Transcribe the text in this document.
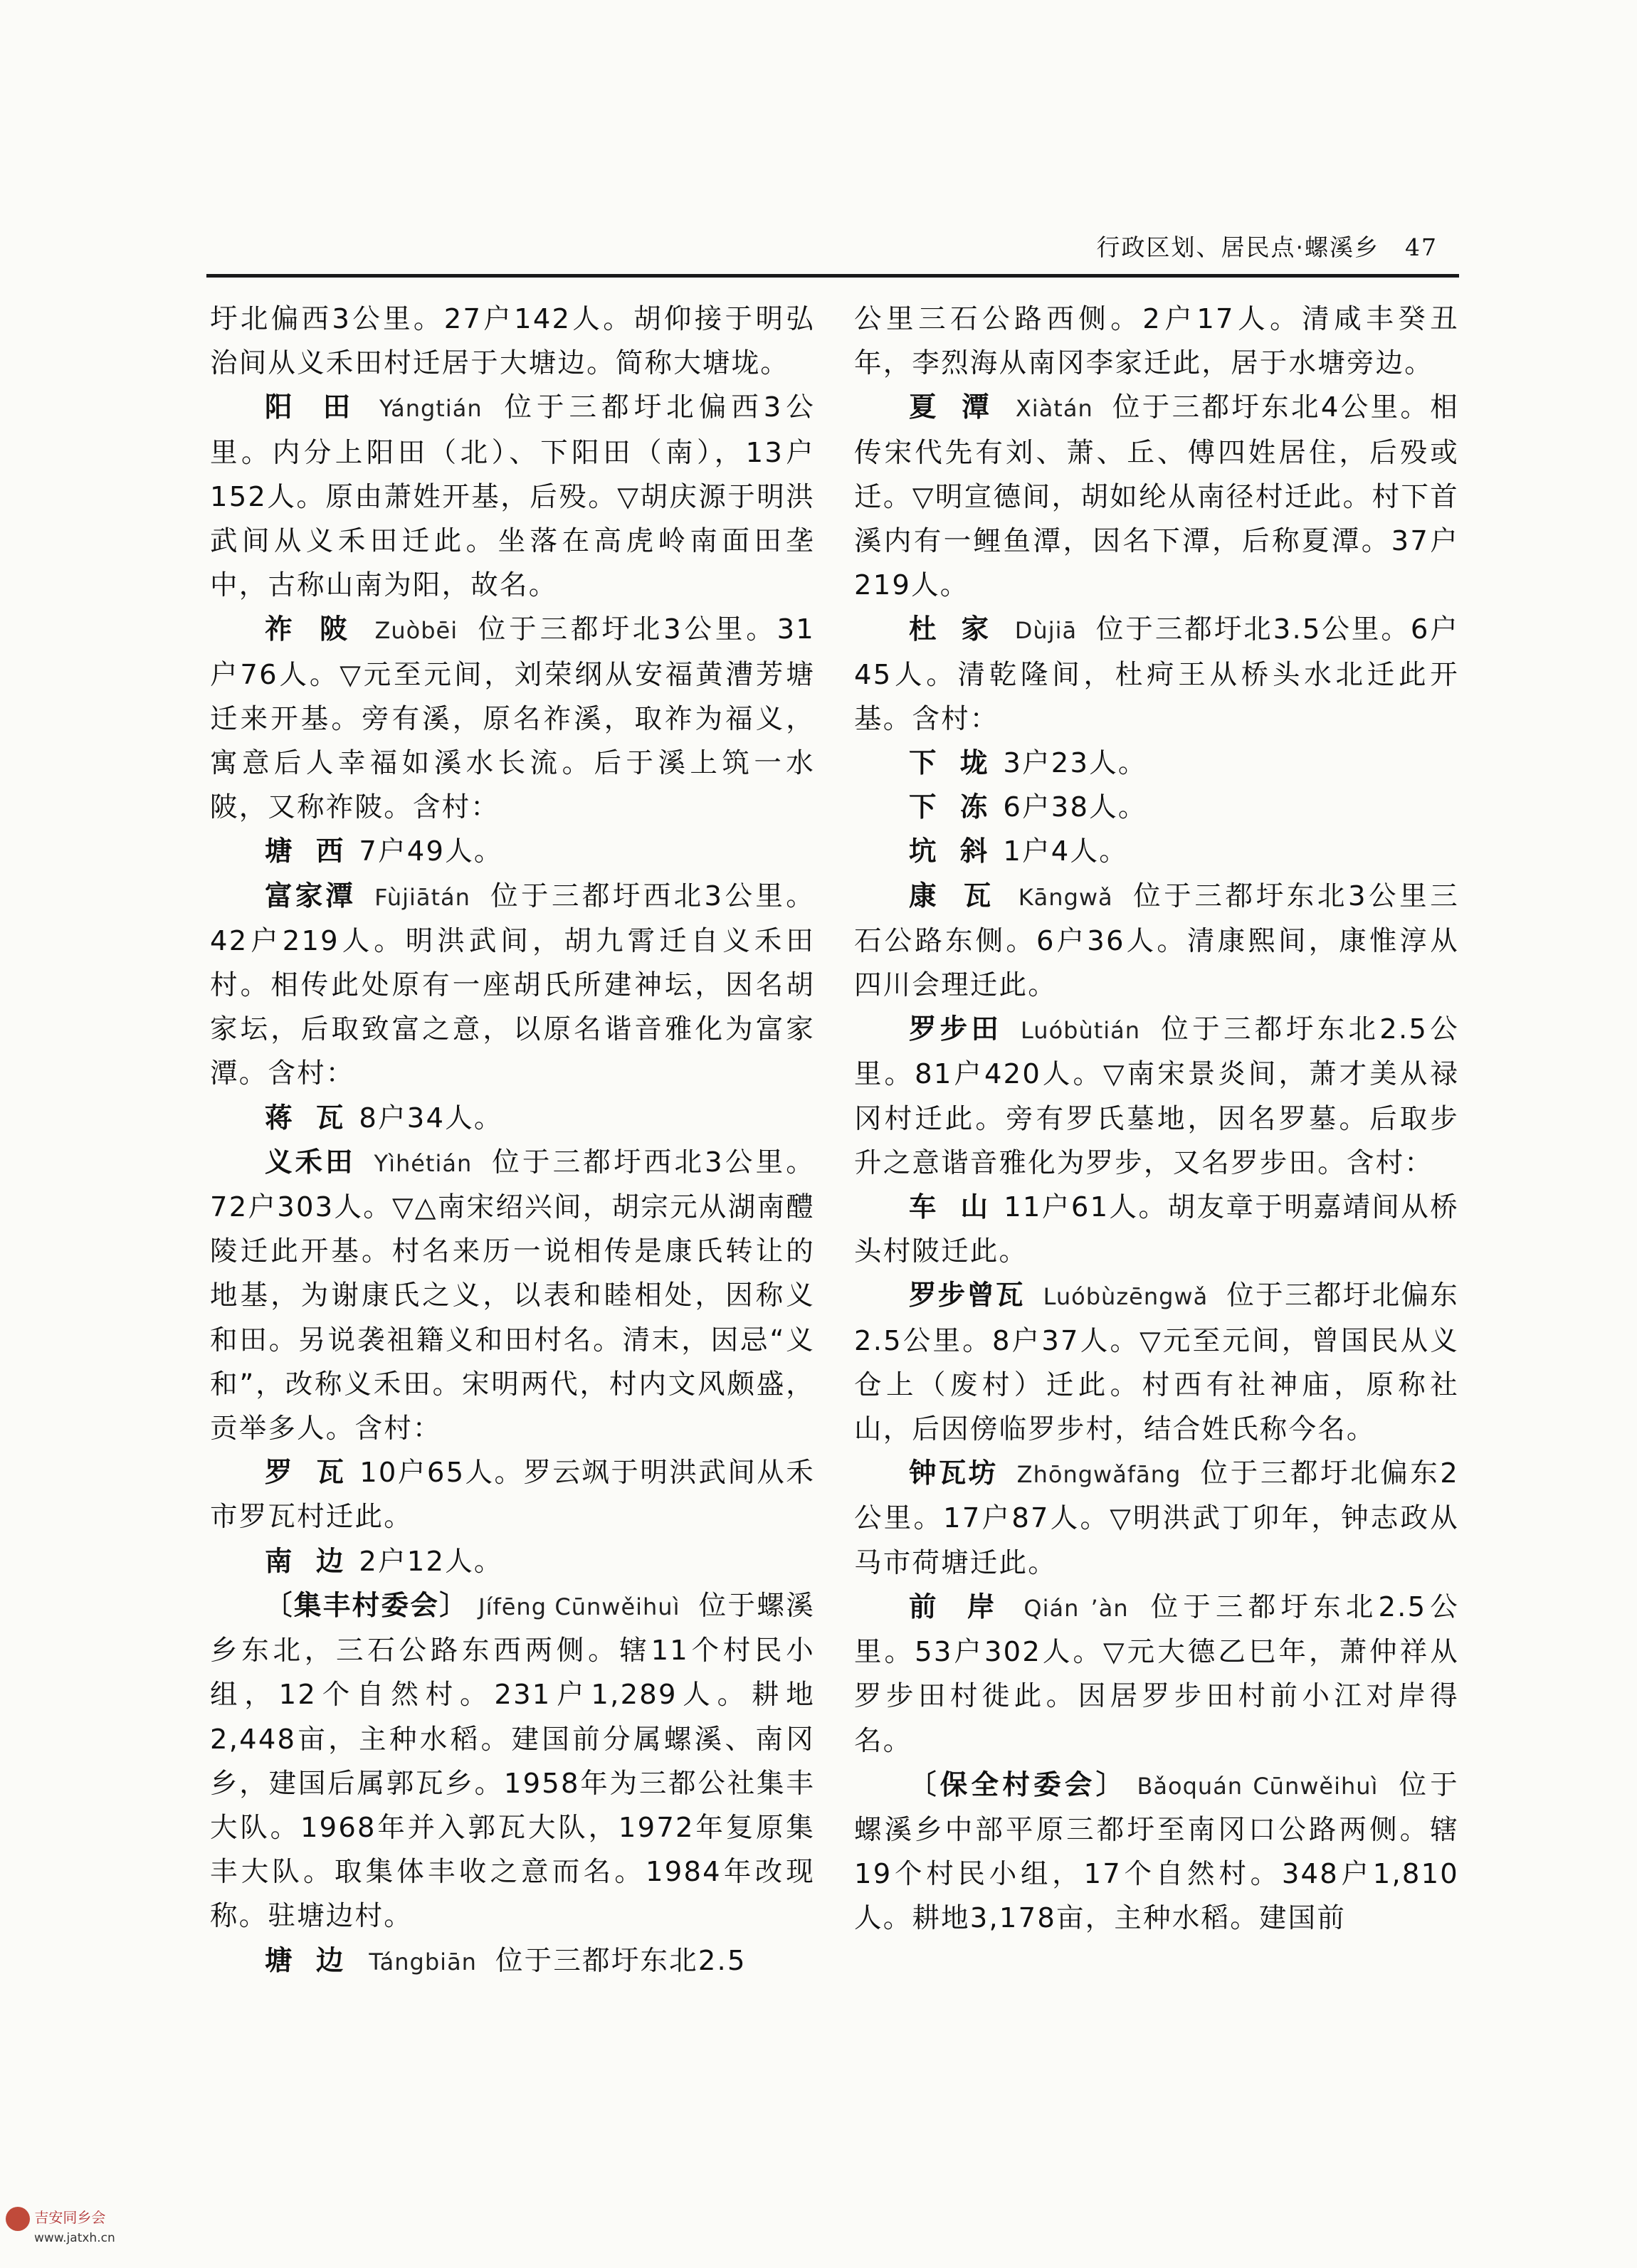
行政区划、居民点·螺溪乡 47

圩北偏西3公里。27户142人。胡仰接于明弘治间从义禾田村迁居于大塘边。简称大塘垅。

阳 田 Yángtián 位于三都圩北偏西3公里。内分上阳田（北）、下阳田（南），13户152人。原由萧姓开基，后殁。▽胡庆源于明洪武间从义禾田迁此。坐落在高虎岭南面田垄中，古称山南为阳，故名。

祚 陂 Zuòbēi 位于三都圩北3公里。31户76人。▽元至元间，刘荣纲从安福黄漕芳塘迁来开基。旁有溪，原名祚溪，取祚为福义，寓意后人幸福如溪水长流。后于溪上筑一水陂，又称祚陂。含村：

塘 西 7户49人。

富家潭 Fùjiātán 位于三都圩西北3公里。42户219人。明洪武间，胡九霄迁自义禾田村。相传此处原有一座胡氏所建神坛，因名胡家坛，后取致富之意，以原名谐音雅化为富家潭。含村：

蒋 瓦 8户34人。

义禾田 Yìhétián 位于三都圩西北3公里。72户303人。▽△南宋绍兴间，胡宗元从湖南醴陵迁此开基。村名来历一说相传是康氏转让的地基，为谢康氏之义，以表和睦相处，因称义和田。另说袭祖籍义和田村名。清末，因忌“义和”，改称义禾田。宋明两代，村内文风颇盛，贡举多人。含村：

罗 瓦 10户65人。罗云飒于明洪武间从禾市罗瓦村迁此。

南 边 2户12人。

〔集丰村委会〕 Jífēng Cūnwěihuì 位于螺溪乡东北，三石公路东西两侧。辖11个村民小组，12个自然村。231户1,289人。耕地2,448亩，主种水稻。建国前分属螺溪、南冈乡，建国后属郭瓦乡。1958年为三都公社集丰大队。1968年并入郭瓦大队，1972年复原集丰大队。取集体丰收之意而名。1984年改现称。驻塘边村。

塘 边 Tángbiān 位于三都圩东北2.5

公里三石公路西侧。2户17人。清咸丰癸丑年，李烈海从南冈李家迁此，居于水塘旁边。

夏 潭 Xiàtán 位于三都圩东北4公里。相传宋代先有刘、萧、丘、傅四姓居住，后殁或迁。▽明宣德间，胡如纶从南径村迁此。村下首溪内有一鲤鱼潭，因名下潭，后称夏潭。37户219人。

杜 家 Dùjiā 位于三都圩北3.5公里。6户45人。清乾隆间，杜疴王从桥头水北迁此开基。含村：

下 垅 3户23人。

下 冻 6户38人。

坑 斜 1户4人。

康 瓦 Kāngwǎ 位于三都圩东北3公里三石公路东侧。6户36人。清康熙间，康惟淳从四川会理迁此。

罗步田 Luóbùtián 位于三都圩东北2.5公里。81户420人。▽南宋景炎间，萧才美从禄冈村迁此。旁有罗氏墓地，因名罗墓。后取步升之意谐音雅化为罗步，又名罗步田。含村：

车 山 11户61人。胡友章于明嘉靖间从桥头村陂迁此。

罗步曾瓦 Luóbùzēngwǎ 位于三都圩北偏东2.5公里。8户37人。▽元至元间，曾国民从义仓上（废村）迁此。村西有社神庙，原称社山，后因傍临罗步村，结合姓氏称今名。

钟瓦坊 Zhōngwǎfāng 位于三都圩北偏东2公里。17户87人。▽明洪武丁卯年，钟志政从马市荷塘迁此。

前 岸 Qián ’àn 位于三都圩东北2.5公里。53户302人。▽元大德乙巳年，萧仲祥从罗步田村徙此。因居罗步田村前小江对岸得名。

〔保全村委会〕 Bǎoquán Cūnwěihuì 位于螺溪乡中部平原三都圩至南冈口公路两侧。辖19个村民小组，17个自然村。348户1,810人。耕地3,178亩，主种水稻。建国前

吉安同乡会
www.jatxh.cn
